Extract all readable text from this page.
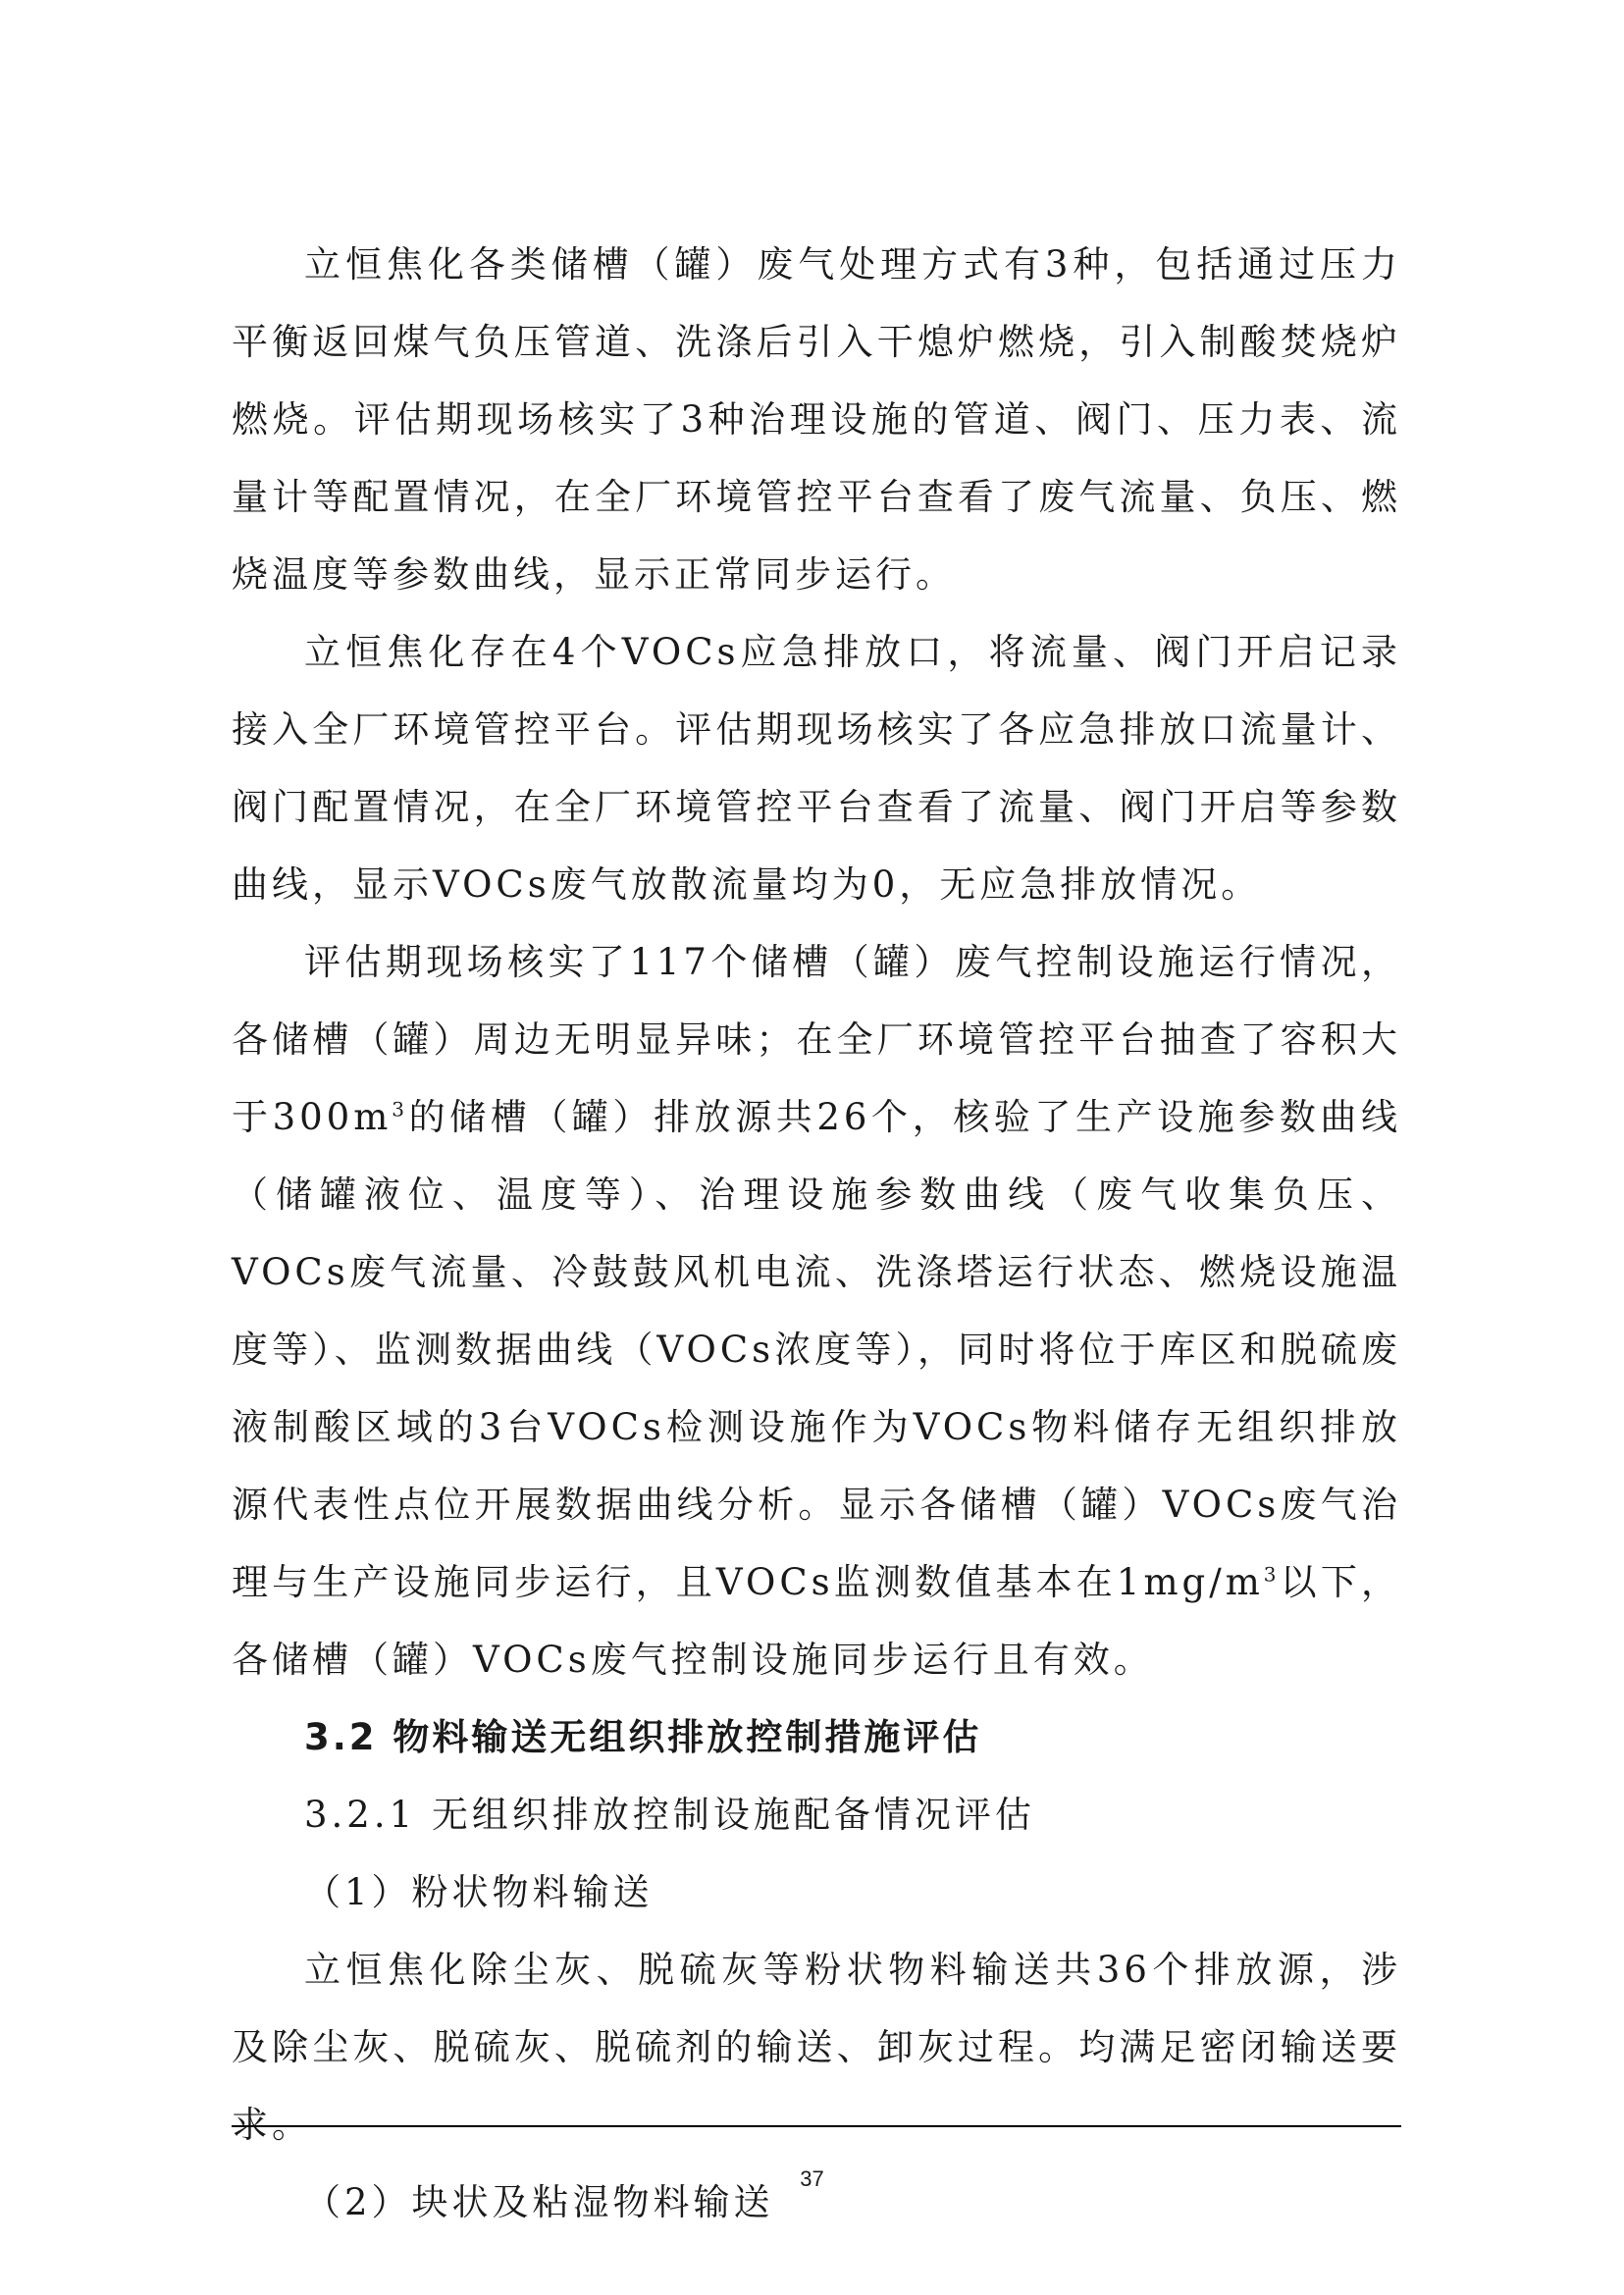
立恒焦化各类储槽（罐）废气处理方式有3种，包括通过压力平衡返回煤气负压管道、洗涤后引入干熄炉燃烧，引入制酸焚烧炉燃烧。评估期现场核实了3种治理设施的管道、阀门、压力表、流量计等配置情况，在全厂环境管控平台查看了废气流量、负压、燃烧温度等参数曲线，显示正常同步运行。

立恒焦化存在4个VOCs应急排放口，将流量、阀门开启记录接入全厂环境管控平台。评估期现场核实了各应急排放口流量计、阀门配置情况，在全厂环境管控平台查看了流量、阀门开启等参数曲线，显示VOCs废气放散流量均为0，无应急排放情况。

评估期现场核实了117个储槽（罐）废气控制设施运行情况，各储槽（罐）周边无明显异味；在全厂环境管控平台抽查了容积大于$300m^3$的储槽（罐）排放源共26个，核验了生产设施参数曲线（储罐液位、温度等）、治理设施参数曲线（废气收集负压、VOCs废气流量、冷鼓鼓风机电流、洗涤塔运行状态、燃烧设施温度等）、监测数据曲线（VOCs浓度等），同时将位于库区和脱硫废液制酸区域的3台VOCs检测设施作为VOCs物料储存无组织排放源代表性点位开展数据曲线分析。显示各储槽（罐）VOCs废气治理与生产设施同步运行，且VOCs监测数值基本在$1mg/m^3$以下，各储槽（罐）VOCs废气控制设施同步运行且有效。

3.2 物料输送无组织排放控制措施评估

3.2.1 无组织排放控制设施配备情况评估

（1）粉状物料输送

立恒焦化除尘灰、脱硫灰等粉状物料输送共36个排放源，涉及除尘灰、脱硫灰、脱硫剂的输送、卸灰过程。均满足密闭输送要求。

（2）块状及粘湿物料输送

37
